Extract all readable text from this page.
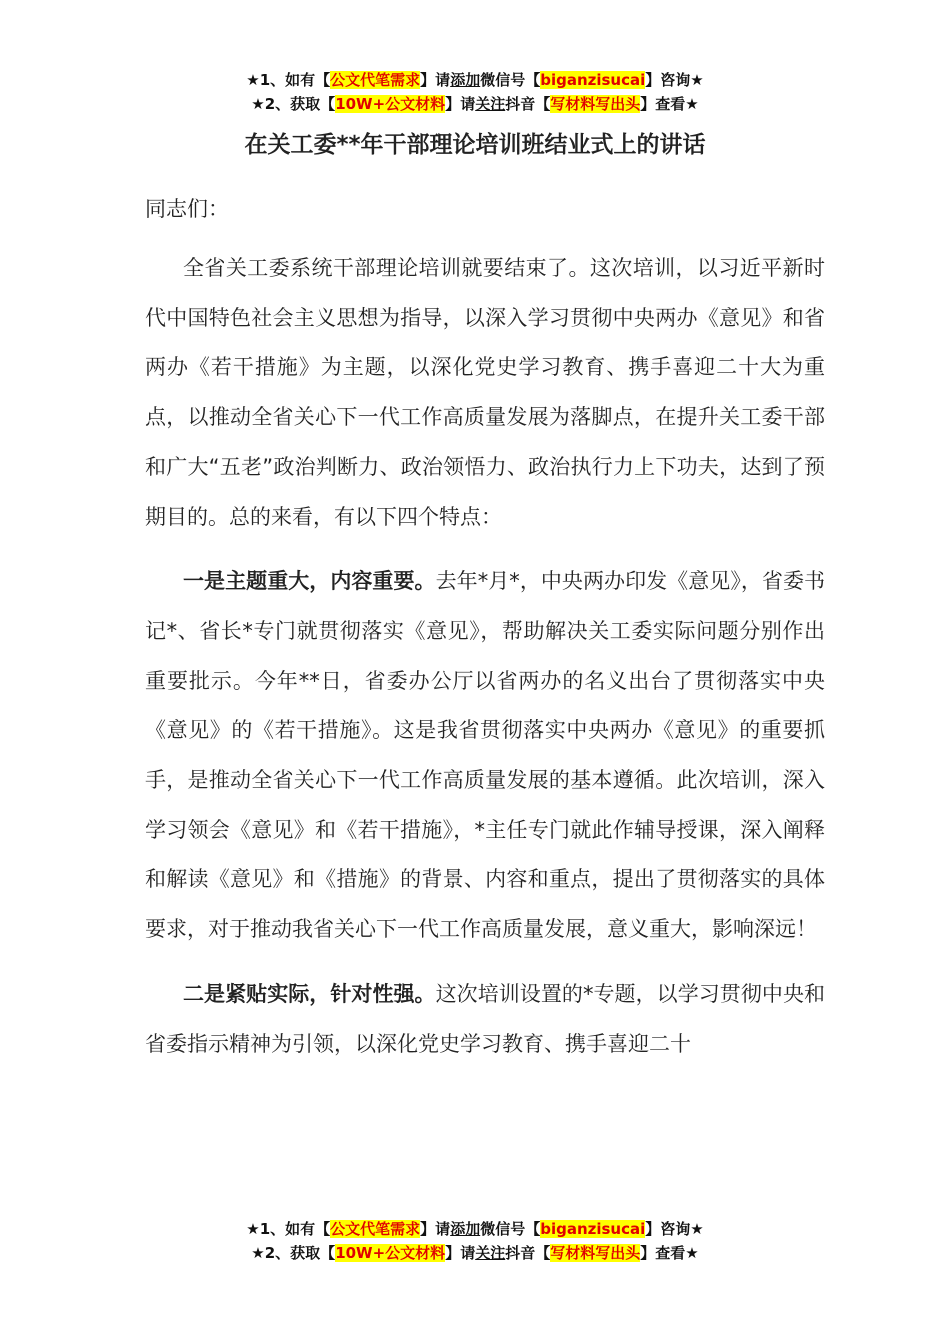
★1、如有【公文代笔需求】请添加微信号【biganzisucai】咨询★
★2、获取【10W+公文材料】请关注抖音【写材料写出头】查看★
在关工委**年干部理论培训班结业式上的讲话

同志们：

全省关工委系统干部理论培训就要结束了。这次培训，以习近平新时代中国特色社会主义思想为指导，以深入学习贯彻中央两办《意见》和省两办《若干措施》为主题，以深化党史学习教育、携手喜迎二十大为重点，以推动全省关心下一代工作高质量发展为落脚点，在提升关工委干部和广大“五老”政治判断力、政治领悟力、政治执行力上下功夫，达到了预期目的。总的来看，有以下四个特点：

一是主题重大，内容重要。去年*月*，中央两办印发《意见》，省委书记*、省长*专门就贯彻落实《意见》，帮助解决关工委实际问题分别作出重要批示。今年**日，省委办公厅以省两办的名义出台了贯彻落实中央《意见》的《若干措施》。这是我省贯彻落实中央两办《意见》的重要抓手，是推动全省关心下一代工作高质量发展的基本遵循。此次培训，深入学习领会《意见》和《若干措施》，*主任专门就此作辅导授课，深入阐释和解读《意见》和《措施》的背景、内容和重点，提出了贯彻落实的具体要求，对于推动我省关心下一代工作高质量发展，意义重大，影响深远！

二是紧贴实际，针对性强。这次培训设置的*专题，以学习贯彻中央和省委指示精神为引领，以深化党史学习教育、携手喜迎二十

★1、如有【公文代笔需求】请添加微信号【biganzisucai】咨询★
★2、获取【10W+公文材料】请关注抖音【写材料写出头】查看★
